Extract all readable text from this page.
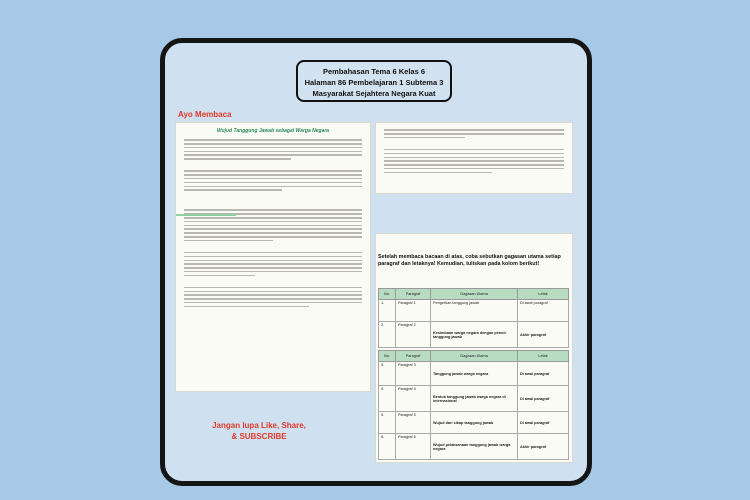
Pembahasan Tema 6 Kelas 6
Halaman 86 Pembelajaran 1 Subtema 3
Masyarakat Sejahtera Negara Kuat
Ayo Membaca
Wujud Tanggung Jawab sebagai Warga Negara
Setelah membaca bacaan di atas, coba sebutkan gagasan utama setiap paragraf dan letaknya! Kemudian, tuliskan pada kolom berikut!
No.	Paragraf	Gagasan Utama	Letak
1.	Paragraf 1	Pengertian tanggung jawab	Di awal paragraf
2.	Paragraf 2	Kesimbaan warga negara dengan penuh tanggung jawab	Akhir paragraf
No.	Paragraf	Gagasan Utama	Letak
3.	Paragraf 3	Tanggung jawab warga negara	Di awal paragraf
4.	Paragraf 4	Bentuk tanggung jawab warga negara di internasional	Di awal paragraf
5.	Paragraf 5	Wujud dari sikap tanggung jawab	Di awal paragraf
6.	Paragraf 6	Wujud pelaksanaan tanggung jawab warga negara	Akhir paragraf
Jangan lupa Like, Share,
& SUBSCRIBE
